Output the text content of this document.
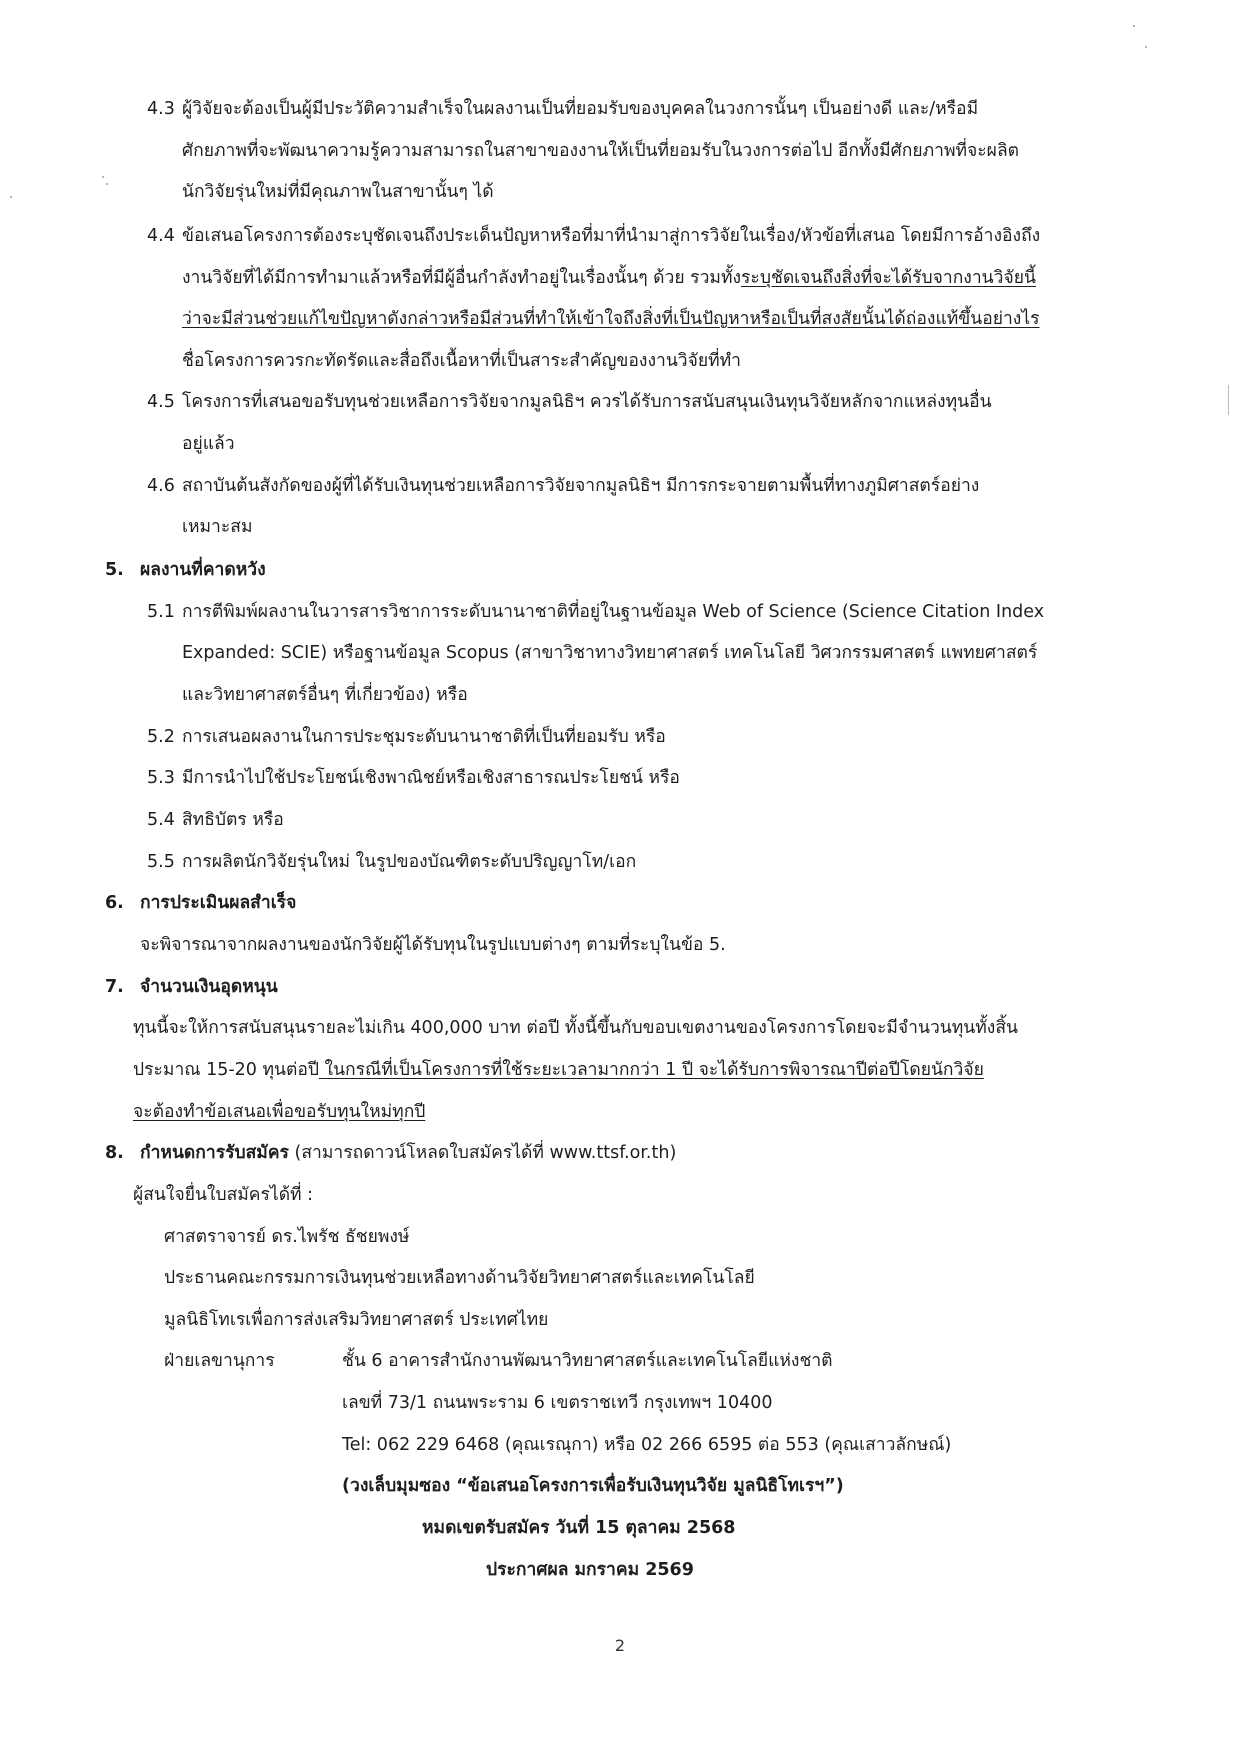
4.3 ผู้วิจัยจะต้องเป็นผู้มีประวัติความสำเร็จในผลงานเป็นที่ยอมรับของบุคคลในวงการนั้นๆ เป็นอย่างดี และ/หรือมี
ศักยภาพที่จะพัฒนาความรู้ความสามารถในสาขาของงานให้เป็นที่ยอมรับในวงการต่อไป อีกทั้งมีศักยภาพที่จะผลิต
นักวิจัยรุ่นใหม่ที่มีคุณภาพในสาขานั้นๆ ได้
4.4 ข้อเสนอโครงการต้องระบุชัดเจนถึงประเด็นปัญหาหรือที่มาที่นำมาสู่การวิจัยในเรื่อง/หัวข้อที่เสนอ โดยมีการอ้างอิงถึง
งานวิจัยที่ได้มีการทำมาแล้วหรือที่มีผู้อื่นกำลังทำอยู่ในเรื่องนั้นๆ ด้วย รวมทั้งระบุชัดเจนถึงสิ่งที่จะได้รับจากงานวิจัยนี้
ว่าจะมีส่วนช่วยแก้ไขปัญหาดังกล่าวหรือมีส่วนที่ทำให้เข้าใจถึงสิ่งที่เป็นปัญหาหรือเป็นที่สงสัยนั้นได้ถ่องแท้ขึ้นอย่างไร
ชื่อโครงการควรกะทัดรัดและสื่อถึงเนื้อหาที่เป็นสาระสำคัญของงานวิจัยที่ทำ
4.5 โครงการที่เสนอขอรับทุนช่วยเหลือการวิจัยจากมูลนิธิฯ ควรได้รับการสนับสนุนเงินทุนวิจัยหลักจากแหล่งทุนอื่น
อยู่แล้ว
4.6 สถาบันต้นสังกัดของผู้ที่ได้รับเงินทุนช่วยเหลือการวิจัยจากมูลนิธิฯ มีการกระจายตามพื้นที่ทางภูมิศาสตร์อย่าง
เหมาะสม
5. ผลงานที่คาดหวัง
5.1 การตีพิมพ์ผลงานในวารสารวิชาการระดับนานาชาติที่อยู่ในฐานข้อมูล Web of Science (Science Citation Index
Expanded: SCIE) หรือฐานข้อมูล Scopus (สาขาวิชาทางวิทยาศาสตร์ เทคโนโลยี วิศวกรรมศาสตร์ แพทยศาสตร์
และวิทยาศาสตร์อื่นๆ ที่เกี่ยวข้อง) หรือ
5.2 การเสนอผลงานในการประชุมระดับนานาชาติที่เป็นที่ยอมรับ หรือ
5.3 มีการนำไปใช้ประโยชน์เชิงพาณิชย์หรือเชิงสาธารณประโยชน์ หรือ
5.4 สิทธิบัตร หรือ
5.5 การผลิตนักวิจัยรุ่นใหม่ ในรูปของบัณฑิตระดับปริญญาโท/เอก
6. การประเมินผลสำเร็จ
จะพิจารณาจากผลงานของนักวิจัยผู้ได้รับทุนในรูปแบบต่างๆ ตามที่ระบุในข้อ 5.
7. จำนวนเงินอุดหนุน
ทุนนี้จะให้การสนับสนุนรายละไม่เกิน 400,000 บาท ต่อปี ทั้งนี้ขึ้นกับขอบเขตงานของโครงการโดยจะมีจำนวนทุนทั้งสิ้น
ประมาณ 15-20 ทุนต่อปี ในกรณีที่เป็นโครงการที่ใช้ระยะเวลามากกว่า 1 ปี จะได้รับการพิจารณาปีต่อปีโดยนักวิจัย
จะต้องทำข้อเสนอเพื่อขอรับทุนใหม่ทุกปี
8. กำหนดการรับสมัคร (สามารถดาวน์โหลดใบสมัครได้ที่ www.ttsf.or.th)
ผู้สนใจยื่นใบสมัครได้ที่ :
ศาสตราจารย์ ดร.ไพรัช ธัชยพงษ์
ประธานคณะกรรมการเงินทุนช่วยเหลือทางด้านวิจัยวิทยาศาสตร์และเทคโนโลยี
มูลนิธิโทเรเพื่อการส่งเสริมวิทยาศาสตร์ ประเทศไทย
ฝ่ายเลขานุการ	ชั้น 6 อาคารสำนักงานพัฒนาวิทยาศาสตร์และเทคโนโลยีแห่งชาติ
เลขที่ 73/1 ถนนพระราม 6 เขตราชเทวี กรุงเทพฯ 10400
Tel: 062 229 6468 (คุณเรณุกา) หรือ 02 266 6595 ต่อ 553 (คุณเสาวลักษณ์)
(วงเล็บมุมซอง “ข้อเสนอโครงการเพื่อรับเงินทุนวิจัย มูลนิธิโทเรฯ”)
หมดเขตรับสมัคร วันที่ 15 ตุลาคม 2568
ประกาศผล มกราคม 2569
2
